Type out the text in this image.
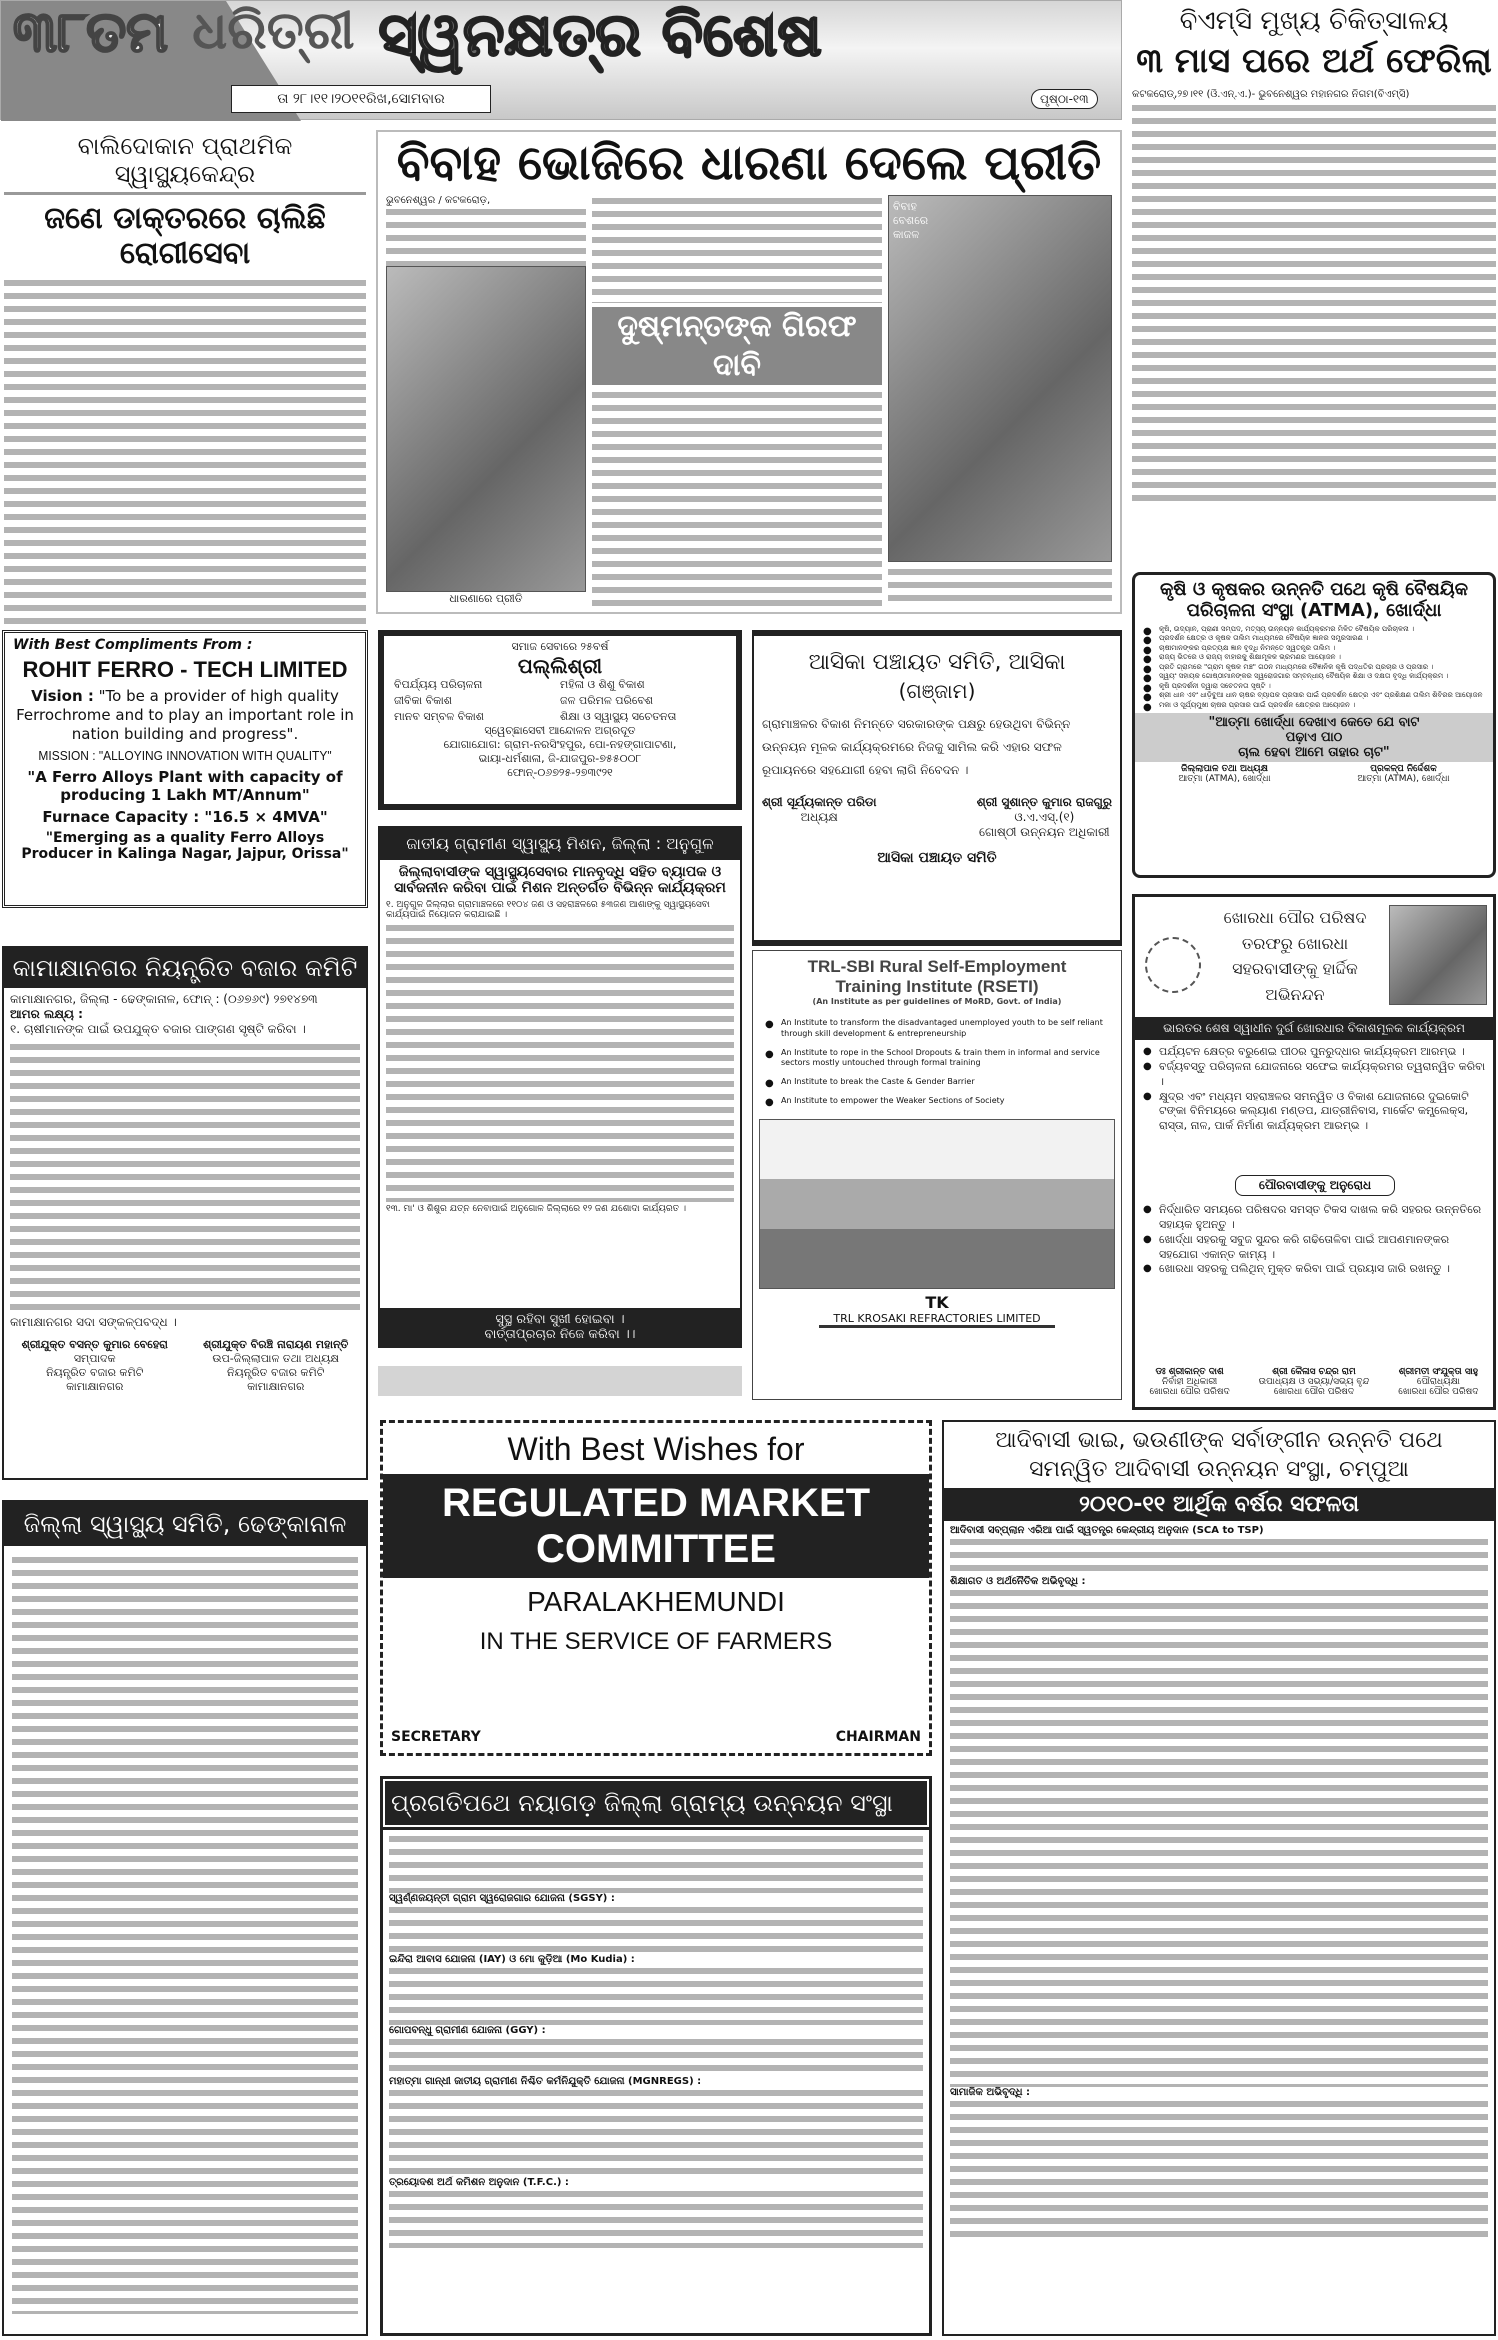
୩୮ତମ ଧରିତ୍ରୀ ସ୍ୱନକ୍ଷତ୍ର ବିଶେଷ
ତା ୨୮।୧୧।୨୦୧୧ରିଖ,ସୋମବାର	ପୃଷ୍ଠା-୧୩
ବିଏମ୍‌ସି ମୁଖ୍ୟ ଚିକିତ୍ସାଳୟ
୩ ମାସ ପରେ ଅର୍ଥ ଫେରିଲା
କଟକରୋଡ୍‌,୨୭।୧୧ (ଓି.ଏନ୍‌.ଏ.)- ଭୁବନେଶ୍ୱର ମହାନଗର ନିଗମ(ବିଏମ୍‌ସି)
ବାଲିଦୋକାନ ପ୍ରାଥମିକ ସ୍ୱାସ୍ଥ୍ୟକେନ୍ଦ୍ର
ଜଣେ ଡାକ୍ତରରେ ଚାଲିଛି ରୋଗୀସେବା
ବିବାହ ଭୋଜିରେ ଧାରଣା ଦେଲେ ପ୍ରୀତି
ଭୁବନେଶ୍ୱର / କଟକରୋଡ଼,
ଧାରଣାରେ ପ୍ରୀତି
ଦୁଷ୍ମନ୍ତଙ୍କ ଗିରଫ ଦାବି
ବିବାହ ବେଶରେ କାଜଳ
With Best Compliments From :
ROHIT FERRO - TECH LIMITED
Vision : "To be a provider of high quality Ferrochrome and to play an important role in nation building and progress".
MISSION : "ALLOYING INNOVATION WITH QUALITY"
"A Ferro Alloys Plant with capacity of producing 1 Lakh MT/Annum"
Furnace Capacity : "16.5 × 4MVA"
"Emerging as a quality Ferro Alloys Producer in Kalinga Nagar, Jajpur, Orissa"
କାମାକ୍ଷାନଗର ନିୟନ୍ତ୍ରିତ ବଜାର କମିଟି
କାମାକ୍ଷାନଗର, ଜିଲ୍ଲା - ଢେଙ୍କାନାଳ, ଫୋନ୍ : (୦୬୭୬୯) ୨୭୧୪୭୩
ଆମର ଲକ୍ଷ୍ୟ :
୧. ଚାଷୀମାନଙ୍କ ପାଇଁ ଉପଯୁକ୍ତ ବଜାର ପାଙ୍ଗଣ ସୃଷ୍ଟି କରିବା ।
କାମାକ୍ଷାନଗର ସଦା ସଙ୍କଳ୍ପବଦ୍ଧ ।
ଶ୍ରୀଯୁକ୍ତ ବସନ୍ତ କୁମାର ବେହେରା
ସମ୍ପାଦକ
ନିୟନ୍ତ୍ରିତ ବଜାର କମିଟି
କାମାକ୍ଷାନଗର
ଶ୍ରୀଯୁକ୍ତ ବିରଞ୍ଚି ନାରାୟଣ ମହାନ୍ତି
ଉପ-ଜିଲ୍ଲାପାଳ ତଥା ଅଧ୍ୟକ୍ଷ
ନିୟନ୍ତ୍ରିତ ବଜାର କମିଟି
କାମାକ୍ଷାନଗର
ଜିଲ୍ଲା ସ୍ୱାସ୍ଥ୍ୟ ସମିତି, ଢେଙ୍କାନାଳ
ସମାଜ ସେବାରେ ୨୫ବର୍ଷ
ପଲ୍ଲିଶ୍ରୀ
ବିପର୍ଯ୍ୟୟ ପରିଚାଳନା	ମହିଳା ଓ ଶିଶୁ ବିକାଶ
ଜୀବିକା ବିକାଶ	ଜଳ ପରିମଳ ପରିବେଶ
ମାନବ ସମ୍ବଳ ବିକାଶ	ଶିକ୍ଷା ଓ ସ୍ୱାସ୍ଥ୍ୟ ସଚେତନତା
ସ୍ୱେଚ୍ଛାସେବୀ ଆନ୍ଦୋଳନ ଅଗ୍ରଦୂତ
ଯୋଗାଯୋଗ: ଗ୍ରାମ-ନରସିଂହପୁର, ପୋ-ନହଙ୍ଗାପାଟଣା,
ଭାୟା-ଧର୍ମଶାଳା, ଜି-ଯାଜପୁର-୭୫୫୦୦୮
ଫୋନ୍-୦୬୭୨୫-୨୭୩୯୨୧
ଜାତୀୟ ଗ୍ରାମୀଣ ସ୍ୱାସ୍ଥ୍ୟ ମିଶନ, ଜିଲ୍ଲା : ଅନୁଗୁଳ
ଜିଲ୍ଲାବାସୀଙ୍କ ସ୍ୱାସ୍ଥ୍ୟସେବାର ମାନବୃଦ୍ଧି ସହିତ ବ୍ୟାପକ ଓ ସାର୍ବଜନୀନ କରିବା ପାଇଁ ମିଶନ ଅନ୍ତର୍ଗତ ବିଭିନ୍ନ କାର୍ଯ୍ୟକ୍ରମ
୧. ଅନୁଗୁଳ ଜିଲ୍ଲାର ଗ୍ରାମାଞ୍ଚଳରେ ୧୧୦୪ ଜଣ ଓ ସହରାଞ୍ଚଳରେ ୫୩ଜଣ ଆଶାଙ୍କୁ ସ୍ୱାସ୍ଥ୍ୟସେବା କାର୍ଯ୍ୟପାଇଁ ନିୟୋଜନ କରାଯାଇଛି ।
୧୩. ମା' ଓ ଶିଶୁର ଯତ୍ନ ନେବାପାଇଁ ଅନୁଗୋଳ ଜିଲ୍ଲାରେ ୧୨ ଜଣ ଯଶୋଦା କାର୍ଯ୍ୟରତ ।
ସୁସ୍ଥ ରହିବା ସୁଖୀ ହୋଇବା ।
ବାର୍ତ୍ତାପ୍ରଚାର ନିଜେ କରିବା ।।
ଆସିକା ପଞ୍ଚାୟତ ସମିତି, ଆସିକା
(ଗଞ୍ଜାମ)
ଗ୍ରାମାଞ୍ଚଳର ବିକାଶ ନିମନ୍ତେ ସରକାରଙ୍କ ପକ୍ଷରୁ ହେଉଥିବା ବିଭିନ୍ନ ଉନ୍ନୟନ ମୂଳକ କାର୍ଯ୍ୟକ୍ରମରେ ନିଜକୁ ସାମିଲ କରି ଏହାର ସଫଳ ରୂପାୟନରେ ସହଯୋଗୀ ହେବା ଲାଗି ନିବେଦନ ।
ଶ୍ରୀ ସୂର୍ଯ୍ୟକାନ୍ତ ପରିଡା
ଅଧ୍ୟକ୍ଷ
ଶ୍ରୀ ସୁଶାନ୍ତ କୁମାର ରାଜଗୁରୁ
ଓ.ଏ.ଏସ୍‌.(୧)
ଗୋଷ୍ଠୀ ଉନ୍ନୟନ ଅଧିକାରୀ
ଆସିକା ପଞ୍ଚାୟତ ସମିତି
TRL-SBI Rural Self-Employment
Training Institute (RSETI)
(An Institute as per guidelines of MoRD, Govt. of India)
● An Institute to transform the disadvantaged unemployed youth to be self reliant through skill development & entrepreneurship
● An Institute to rope in the School Dropouts & train them in informal and service sectors mostly untouched through formal training
● An Institute to break the Caste & Gender Barrier
● An Institute to empower the Weaker Sections of Society
TK
TRL KROSAKI REFRACTORIES LIMITED
With Best Wishes for
REGULATED MARKET
COMMITTEE
PARALAKHEMUNDI
IN THE SERVICE OF FARMERS
SECRETARY	CHAIRMAN
ପ୍ରଗତିପଥେ ନୟାଗଡ଼ ଜିଲ୍ଲା ଗ୍ରାମ୍ୟ ଉନ୍ନୟନ ସଂସ୍ଥା
ସ୍ୱର୍ଣ୍ଣଜୟନ୍ତୀ ଗ୍ରାମ ସ୍ୱରୋଜଗାର ଯୋଜନା (SGSY) :
ଇନ୍ଦିରା ଆବାସ ଯୋଜନା (IAY) ଓ ମୋ କୁଡ଼ିଆ (Mo Kudia) :
ଗୋପବନ୍ଧୁ ଗ୍ରାମୀଣ ଯୋଜନା (GGY) :
ମହାତ୍ମା ଗାନ୍ଧୀ ଜାତୀୟ ଗ୍ରାମୀଣ ନିଶ୍ଚିତ କର୍ମନିଯୁକ୍ତି ଯୋଜନା (MGNREGS) :
ତ୍ରୟୋଦଶ ଅର୍ଥ କମିଶନ ଅନୁଦାନ (T.F.C.) :
କୃଷି ଓ କୃଷକର ଉନ୍ନତି ପଥେ କୃଷି ବୈଷୟିକ ପରିଚାଳନା ସଂସ୍ଥା (ATMA), ଖୋର୍ଦ୍ଧା
● କୃଷି, ଉଦ୍ୟାନ, ପ୍ରାଣୀ ସମ୍ପଦ, ମତ୍ସ୍ୟ ଉନ୍ନୟନ କାର୍ଯ୍ୟକ୍ରମର ମିଳିତ ବୈଷୟିକ ପରିଚାଳନା ।
● ପ୍ରଦର୍ଶନ କ୍ଷେତ୍ର ଓ କୃଷକ ତାଲିମ ମାଧ୍ୟମରେ ବୈଷୟିକ ଜ୍ଞାନର ସମ୍ପ୍ରସାରଣ ।
● ଚାଷୀମାନଙ୍କର ପ୍ରତ୍ୟକ୍ଷ ଜ୍ଞାନ ବୃଦ୍ଧି ନିମନ୍ତେ ସ୍ୱତନ୍ତ୍ର ତାଲିମ ।
● ରାଜ୍ୟ ଭିତରେ ଓ ରାଜ୍ୟ ବାହାରକୁ ଶିକ୍ଷାମୂଳକ ଭ୍ରମଣର ଆୟୋଜନ ।
● ପ୍ରତି ଗ୍ରାମରେ "ଗ୍ରାମ କୃଷକ ମଞ୍ଚ" ଗଠନ ମାଧ୍ୟମରେ ବୈଜ୍ଞାନିକ କୃଷି ପଦ୍ଧତିର ପ୍ରଚାର ଓ ପ୍ରସାର ।
● ସ୍ୱୟଂ ସହାୟକ ଗୋଷ୍ଠୀମାନଙ୍କର ସ୍ୱରୋଜଗାର ସମ୍ବନ୍ଧୀୟ ବୈଷୟିକ ଶିକ୍ଷା ଓ ଦକ୍ଷତା ବୃଦ୍ଧି କାର୍ଯ୍ୟକ୍ରମ ।
● କୃଷି ପ୍ରଦର୍ଶନୀ ଦ୍ୱାରା ସଚେତନତା ସୃଷ୍ଟି ।
● ଶ୍ରୀ ଧାନ ଏବଂ ଧାଡ଼ିବୁଆ ଧାନ ଚାଷର ବ୍ୟାପକ ପ୍ରସାର ପାଇଁ ପ୍ରଦର୍ଶନ କ୍ଷେତ୍ର ଏବଂ ପ୍ରଶିକ୍ଷଣ ତାଲିମ ଶିବିରର ଆୟୋଜନ
● ମକା ଓ ସୂର୍ଯ୍ୟମୁଖୀ ଚାଷର ପ୍ରସାର ପାଇଁ ପ୍ରଦର୍ଶନ କ୍ଷେତ୍ରର ଆୟୋଜନ ।
"ଆତ୍ମା ଖୋର୍ଦ୍ଧା ଦେଖାଏ କେତେ ଯେ ବାଟ
ପଢ଼ାଏ ପାଠ
ଚାଲ ହେବା ଆମେ ତାହାର ଚାଟ"
ଜିଲ୍ଲାପାଳ ତଥା ଅଧ୍ୟକ୍ଷ
ଆତ୍ମା (ATMA), ଖୋର୍ଦ୍ଧା
ପ୍ରକଳ୍ପ ନିର୍ଦ୍ଦେଶକ
ଆତ୍ମା (ATMA), ଖୋର୍ଦ୍ଧା
ଖୋରଧା ପୌର ପରିଷଦ ତରଫରୁ ଖୋରଧା ସହରବାସୀଙ୍କୁ ହାର୍ଦ୍ଦିକ ଅଭିନନ୍ଦନ
ଭାରତର ଶେଷ ସ୍ୱାଧୀନ ଦୁର୍ଗ ଖୋରଧାର ବିକାଶମୂଳକ କାର୍ଯ୍ୟକ୍ରମ
● ପର୍ଯ୍ୟଟନ କ୍ଷେତ୍ର ବରୁଣେଇ ପୀଠର ପୁନରୁଦ୍ଧାର କାର୍ଯ୍ୟକ୍ରମ ଆରମ୍ଭ ।
● ବର୍ଜ୍ୟବସ୍ତୁ ପରିଚାଳନା ଯୋଜନାରେ ସଫେଇ କାର୍ଯ୍ୟକ୍ରମର ତ୍ୱରାନ୍ୱିତ କରିବା ।
● କ୍ଷୁଦ୍ର ଏବଂ ମଧ୍ୟମ ସହରାଞ୍ଚଳର ସମନ୍ୱିତ ଓ ବିକାଶ ଯୋଜନାରେ ଦୁଇକୋଟି ଟଙ୍କା ବିନିମୟରେ କଲ୍ୟାଣ ମଣ୍ଡପ, ଯାତ୍ରୀନିବାସ, ମାର୍କେଟ କମ୍ପ୍ଲେକ୍ସ, ରାସ୍ତା, ନାଳ, ପାର୍କ ନିର୍ମାଣ କାର୍ଯ୍ୟକ୍ରମ ଆରମ୍ଭ ।
ପୌରବାସୀଙ୍କୁ ଅନୁରୋଧ
● ନିର୍ଦ୍ଧାରିତ ସମୟରେ ପରିଷଦର ସମସ୍ତ ଟିକସ ଦାଖଲ କରି ସହରର ଉନ୍ନତିରେ ସହାୟକ ହୁଅନ୍ତୁ ।
● ଖୋର୍ଦ୍ଧା ସହରକୁ ସବୁଜ ସୁନ୍ଦର କରି ଗଢିତୋଳିବା ପାଇଁ ଆପଣମାନଙ୍କର ସହଯୋଗ ଏକାନ୍ତ କାମ୍ୟ ।
● ଖୋରଧା ସହରକୁ ପଲିଥିନ୍ ମୁକ୍ତ କରିବା ପାଇଁ ପ୍ରୟାସ ଜାରି ରଖନ୍ତୁ ।
ଡଃ ଶ୍ରୀକାନ୍ତ ଦାଶ
ନିର୍ବାହୀ ଅଧିକାରୀ
ଖୋରଧା ପୌର ପରିଷଦ
ଶ୍ରୀ କୈଳାସ ଚନ୍ଦ୍ର ରାମ
ଉପାଧ୍ୟକ୍ଷ ଓ ସଭ୍ୟା/ସଭ୍ୟ ବୃନ୍ଦ
ଖୋରଧା ପୌର ପରିଷଦ
ଶ୍ରୀମତୀ ସଂଯୁକ୍ତା ସାହୁ
ପୌରାଧ୍ୟକ୍ଷା
ଖୋରଧା ପୌର ପରିଷଦ
ଆଦିବାସୀ ଭାଇ, ଭଉଣୀଙ୍କ ସର୍ବାଙ୍ଗୀନ ଉନ୍ନତି ପଥେ
ସମନ୍ୱିତ ଆଦିବାସୀ ଉନ୍ନୟନ ସଂସ୍ଥା, ଚମ୍ପୁଆ
୨୦୧୦-୧୧ ଆର୍ଥିକ ବର୍ଷର ସଫଳତା
ଆଦିବାସୀ ସବ୍‌ପ୍ଲାନ ଏରିଆ ପାଇଁ ସ୍ୱତନ୍ତ୍ର କେନ୍ଦ୍ରୀୟ ଅନୁଦାନ (SCA to TSP)
ଶିକ୍ଷାଗତ ଓ ଅର୍ଥନୈତିକ ଅଭିବୃଦ୍ଧି :
ସାମାଜିକ ଅଭିବୃଦ୍ଧି :
